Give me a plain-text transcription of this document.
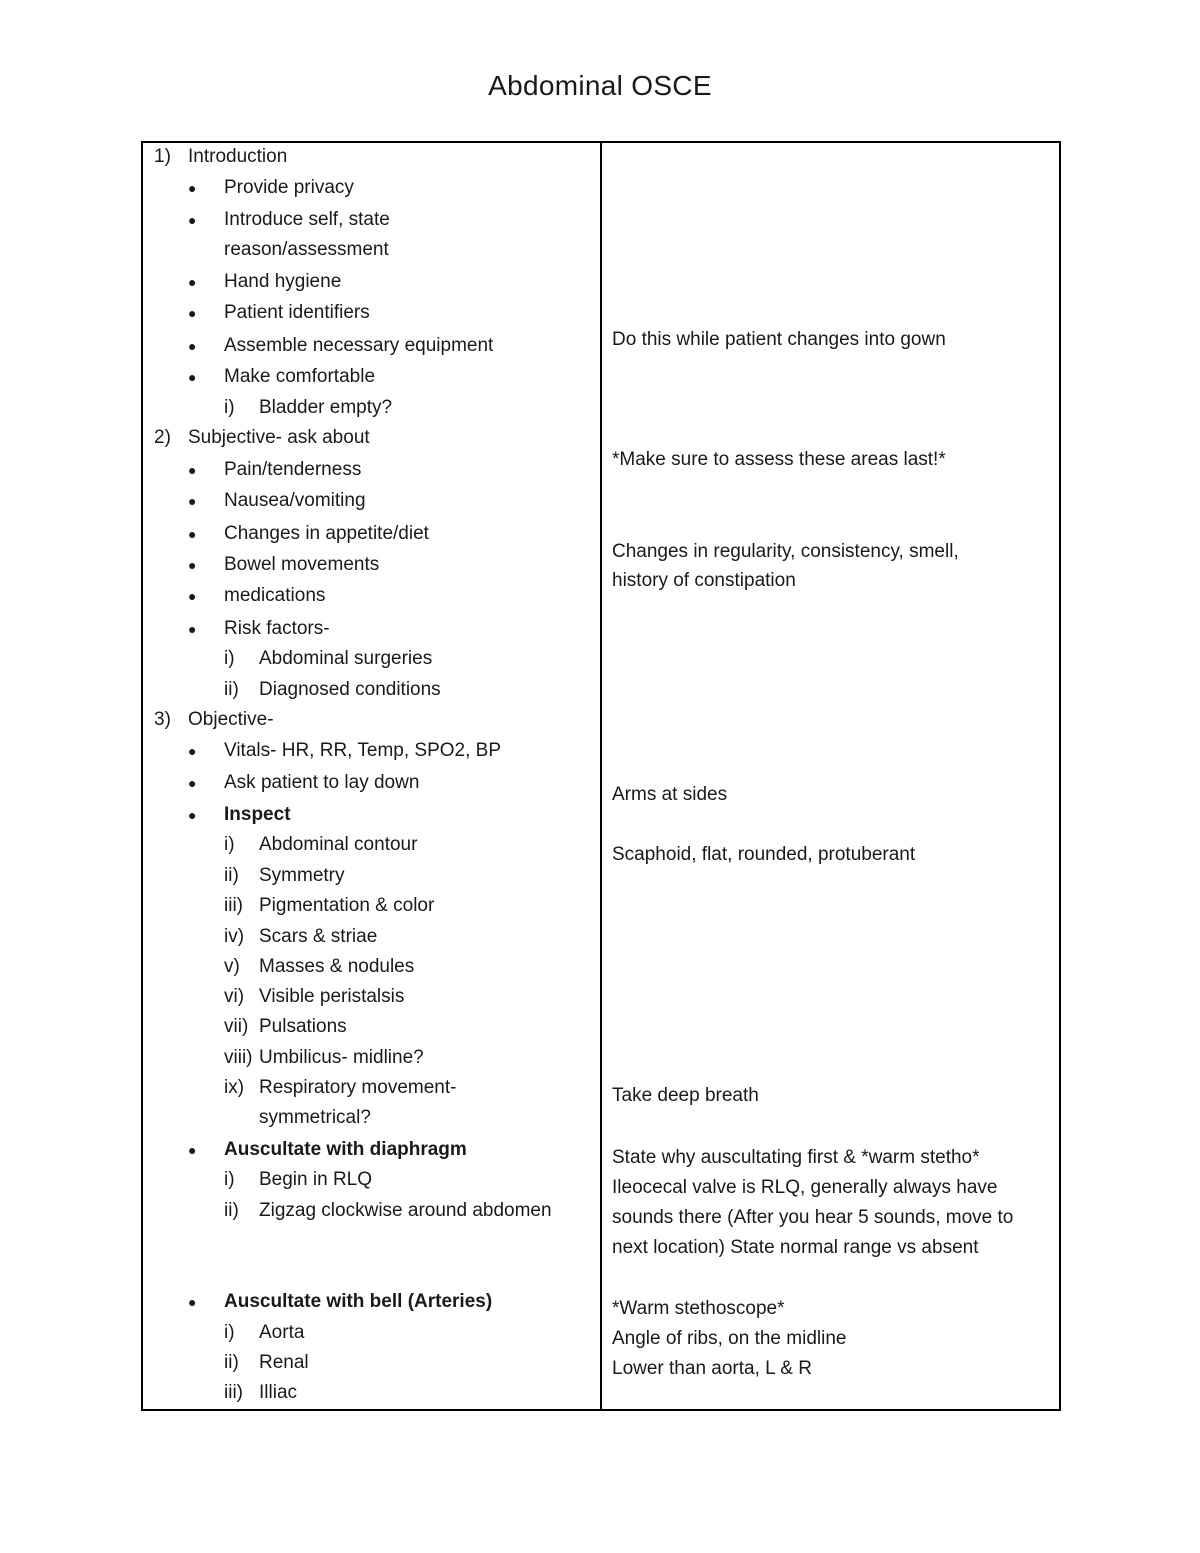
Abdominal OSCE
1) Introduction
● Provide privacy
● Introduce self, state
reason/assessment
● Hand hygiene
● Patient identifiers
● Assemble necessary equipment
● Make comfortable
i) Bladder empty?
2) Subjective- ask about
● Pain/tenderness
● Nausea/vomiting
● Changes in appetite/diet
● Bowel movements
● medications
● Risk factors-
i) Abdominal surgeries
ii) Diagnosed conditions
3) Objective-
● Vitals- HR, RR, Temp, SPO2, BP
● Ask patient to lay down
● Inspect
i) Abdominal contour
ii) Symmetry
iii) Pigmentation & color
iv) Scars & striae
v) Masses & nodules
vi) Visible peristalsis
vii) Pulsations
viii) Umbilicus- midline?
ix) Respiratory movement-
symmetrical?
● Auscultate with diaphragm
i) Begin in RLQ
ii) Zigzag clockwise around abdomen
● Auscultate with bell (Arteries)
i) Aorta
ii) Renal
iii) Illiac
Do this while patient changes into gown
*Make sure to assess these areas last!*
Changes in regularity, consistency, smell,
history of constipation
Arms at sides
Scaphoid, flat, rounded, protuberant
Take deep breath
State why auscultating first & *warm stetho*
Ileocecal valve is RLQ, generally always have
sounds there (After you hear 5 sounds, move to
next location) State normal range vs absent
*Warm stethoscope*
Angle of ribs, on the midline
Lower than aorta, L & R
